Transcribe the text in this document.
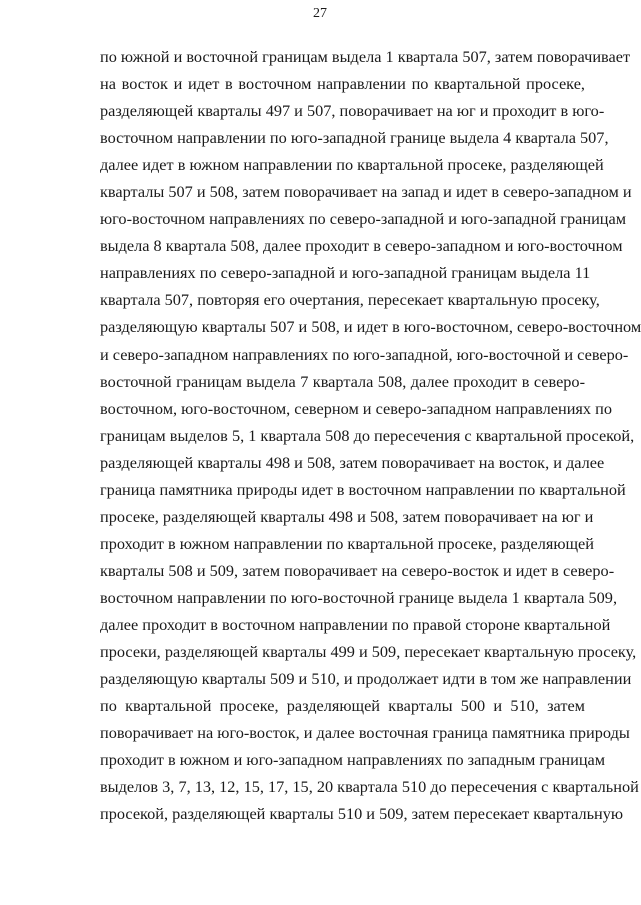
27
по южной и восточной границам выдела 1 квартала 507, затем поворачивает
на восток и идет в восточном направлении по квартальной просеке,
разделяющей кварталы 497 и 507, поворачивает на юг и проходит в юго-
восточном направлении по юго-западной границе выдела 4 квартала 507,
далее идет в южном направлении по квартальной просеке, разделяющей
кварталы 507 и 508, затем поворачивает на запад и идет в северо-западном и
юго-восточном направлениях по северо-западной и юго-западной границам
выдела 8 квартала 508, далее проходит в северо-западном и юго-восточном
направлениях по северо-западной и юго-западной границам выдела 11
квартала 507, повторяя его очертания, пересекает квартальную просеку,
разделяющую кварталы 507 и 508, и идет в юго-восточном, северо-восточном
и северо-западном направлениях по юго-западной, юго-восточной и северо-
восточной границам выдела 7 квартала 508, далее проходит в северо-
восточном, юго-восточном, северном и северо-западном направлениях по
границам выделов 5, 1 квартала 508 до пересечения с квартальной просекой,
разделяющей кварталы 498 и 508, затем поворачивает на восток, и далее
граница памятника природы идет в восточном направлении по квартальной
просеке, разделяющей кварталы 498 и 508, затем поворачивает на юг и
проходит в южном направлении по квартальной просеке, разделяющей
кварталы 508 и 509, затем поворачивает на северо-восток и идет в северо-
восточном направлении по юго-восточной границе выдела 1 квартала 509,
далее проходит в восточном направлении по правой стороне квартальной
просеки, разделяющей кварталы 499 и 509, пересекает квартальную просеку,
разделяющую кварталы 509 и 510, и продолжает идти в том же направлении
по квартальной просеке, разделяющей кварталы 500 и 510, затем
поворачивает на юго-восток, и далее восточная граница памятника природы
проходит в южном и юго-западном направлениях по западным границам
выделов 3, 7, 13, 12, 15, 17, 15, 20 квартала 510 до пересечения с квартальной
просекой, разделяющей кварталы 510 и 509, затем пересекает квартальную
